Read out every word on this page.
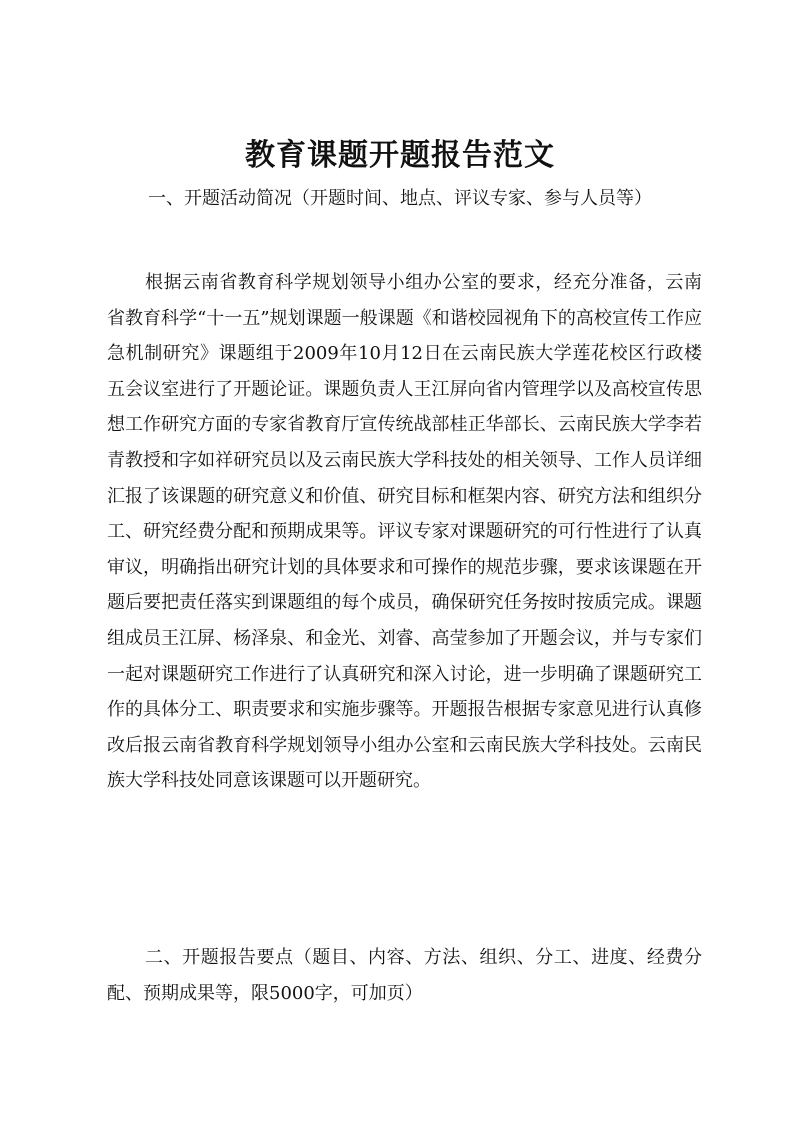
教育课题开题报告范文

一、开题活动简况（开题时间、地点、评议专家、参与人员等）

根据云南省教育科学规划领导小组办公室的要求，经充分准备，云南省教育科学“十一五”规划课题一般课题《和谐校园视角下的高校宣传工作应急机制研究》课题组于2009年10月12日在云南民族大学莲花校区行政楼五会议室进行了开题论证。课题负责人王江屏向省内管理学以及高校宣传思想工作研究方面的专家省教育厅宣传统战部桂正华部长、云南民族大学李若青教授和字如祥研究员以及云南民族大学科技处的相关领导、工作人员详细汇报了该课题的研究意义和价值、研究目标和框架内容、研究方法和组织分工、研究经费分配和预期成果等。评议专家对课题研究的可行性进行了认真审议，明确指出研究计划的具体要求和可操作的规范步骤，要求该课题在开题后要把责任落实到课题组的每个成员，确保研究任务按时按质完成。课题组成员王江屏、杨泽泉、和金光、刘睿、高莹参加了开题会议，并与专家们一起对课题研究工作进行了认真研究和深入讨论，进一步明确了课题研究工作的具体分工、职责要求和实施步骤等。开题报告根据专家意见进行认真修改后报云南省教育科学规划领导小组办公室和云南民族大学科技处。云南民族大学科技处同意该课题可以开题研究。

二、开题报告要点（题目、内容、方法、组织、分工、进度、经费分配、预期成果等，限5000字，可加页）
